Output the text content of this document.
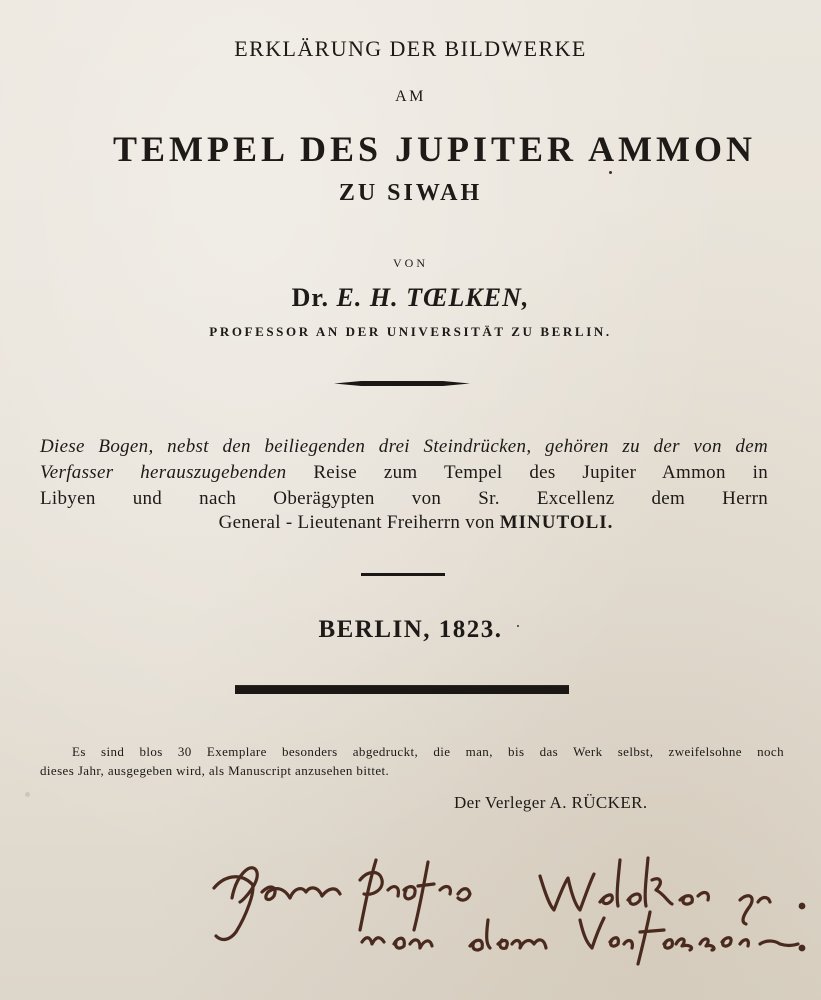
ERKLÄRUNG DER BILDWERKE
AM
TEMPEL DES JUPITER AMMON
ZU SIWAH
VON
Dr. E. H. TŒLKEN,
PROFESSOR AN DER UNIVERSITÄT ZU BERLIN.
Diese Bogen, nebst den beiliegenden drei Steindrücken, gehören zu der von dem
Verfasser herauszugebenden Reise zum Tempel des Jupiter Ammon in
Libyen und nach Oberägypten von Sr. Excellenz dem Herrn
General - Lieutenant Freiherrn von MINUTOLI.
BERLIN, 1823.
Es sind blos 30 Exemplare besonders abgedruckt, die man, bis das Werk selbst, zweifelsohne noch
dieses Jahr, ausgegeben wird, als Manuscript anzusehen bittet.
Der Verleger A. RÜCKER.
